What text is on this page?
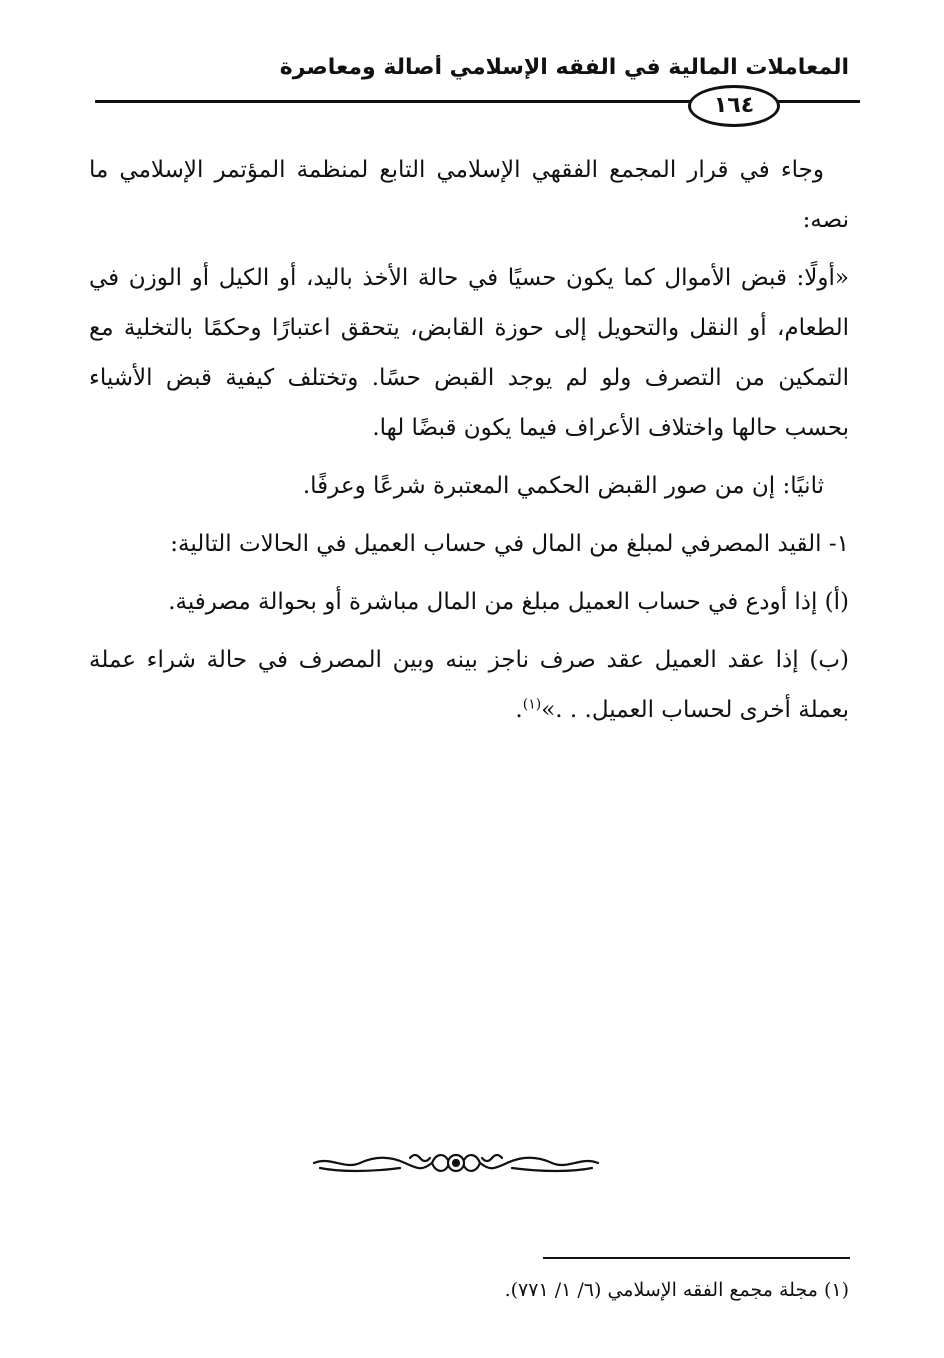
المعاملات المالية في الفقه الإسلامي أصالة ومعاصرة
١٦٤

وجاء في قرار المجمع الفقهي الإسلامي التابع لمنظمة المؤتمر الإسلامي ما نصه:

«أولًا: قبض الأموال كما يكون حسيًا في حالة الأخذ باليد، أو الكيل أو الوزن في الطعام، أو النقل والتحويل إلى حوزة القابض، يتحقق اعتبارًا وحكمًا بالتخلية مع التمكين من التصرف ولو لم يوجد القبض حسًا. وتختلف كيفية قبض الأشياء بحسب حالها واختلاف الأعراف فيما يكون قبضًا لها.

ثانيًا: إن من صور القبض الحكمي المعتبرة شرعًا وعرفًا.

١- القيد المصرفي لمبلغ من المال في حساب العميل في الحالات التالية:

(أ) إذا أودع في حساب العميل مبلغ من المال مباشرة أو بحوالة مصرفية.

(ب) إذا عقد العميل عقد صرف ناجز بينه وبين المصرف في حالة شراء عملة بعملة أخرى لحساب العميل. . .»$^{(١)}$.

(١) مجلة مجمع الفقه الإسلامي (٦/ ١/ ٧٧١).
